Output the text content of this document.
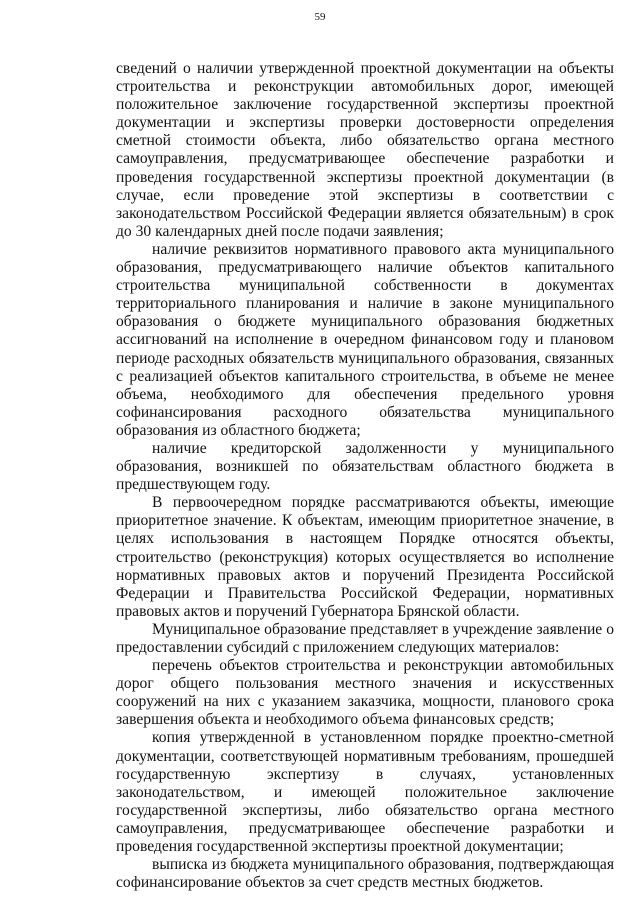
59

сведений о наличии утвержденной проектной документации на объекты строительства и реконструкции автомобильных дорог, имеющей положительное заключение государственной экспертизы проектной документации и экспертизы проверки достоверности определения сметной стоимости объекта, либо обязательство органа местного самоуправления, предусматривающее обеспечение разработки и проведения государственной экспертизы проектной документации (в случае, если проведение этой экспертизы в соответствии с законодательством Российской Федерации является обязательным) в срок до 30 календарных дней после подачи заявления;

наличие реквизитов нормативного правового акта муниципального образования, предусматривающего наличие объектов капитального строительства муниципальной собственности в документах территориального планирования и наличие в законе муниципального образования о бюджете муниципального образования бюджетных ассигнований на исполнение в очередном финансовом году и плановом периоде расходных обязательств муниципального образования, связанных с реализацией объектов капитального строительства, в объеме не менее объема, необходимого для обеспечения предельного уровня софинансирования расходного обязательства муниципального образования из областного бюджета;

наличие кредиторской задолженности у муниципального образования, возникшей по обязательствам областного бюджета в предшествующем году.

В первоочередном порядке рассматриваются объекты, имеющие приоритетное значение. К объектам, имеющим приоритетное значение, в целях использования в настоящем Порядке относятся объекты, строительство (реконструкция) которых осуществляется во исполнение нормативных правовых актов и поручений Президента Российской Федерации и Правительства Российской Федерации, нормативных правовых актов и поручений Губернатора Брянской области.

Муниципальное образование представляет в учреждение заявление о предоставлении субсидий с приложением следующих материалов:

перечень объектов строительства и реконструкции автомобильных дорог общего пользования местного значения и искусственных сооружений на них с указанием заказчика, мощности, планового срока завершения объекта и необходимого объема финансовых средств;

копия утвержденной в установленном порядке проектно-сметной документации, соответствующей нормативным требованиям, прошедшей государственную экспертизу в случаях, установленных законодательством, и имеющей положительное заключение государственной экспертизы, либо обязательство органа местного самоуправления, предусматривающее обеспечение разработки и проведения государственной экспертизы проектной документации;

выписка из бюджета муниципального образования, подтверждающая софинансирование объектов за счет средств местных бюджетов.
